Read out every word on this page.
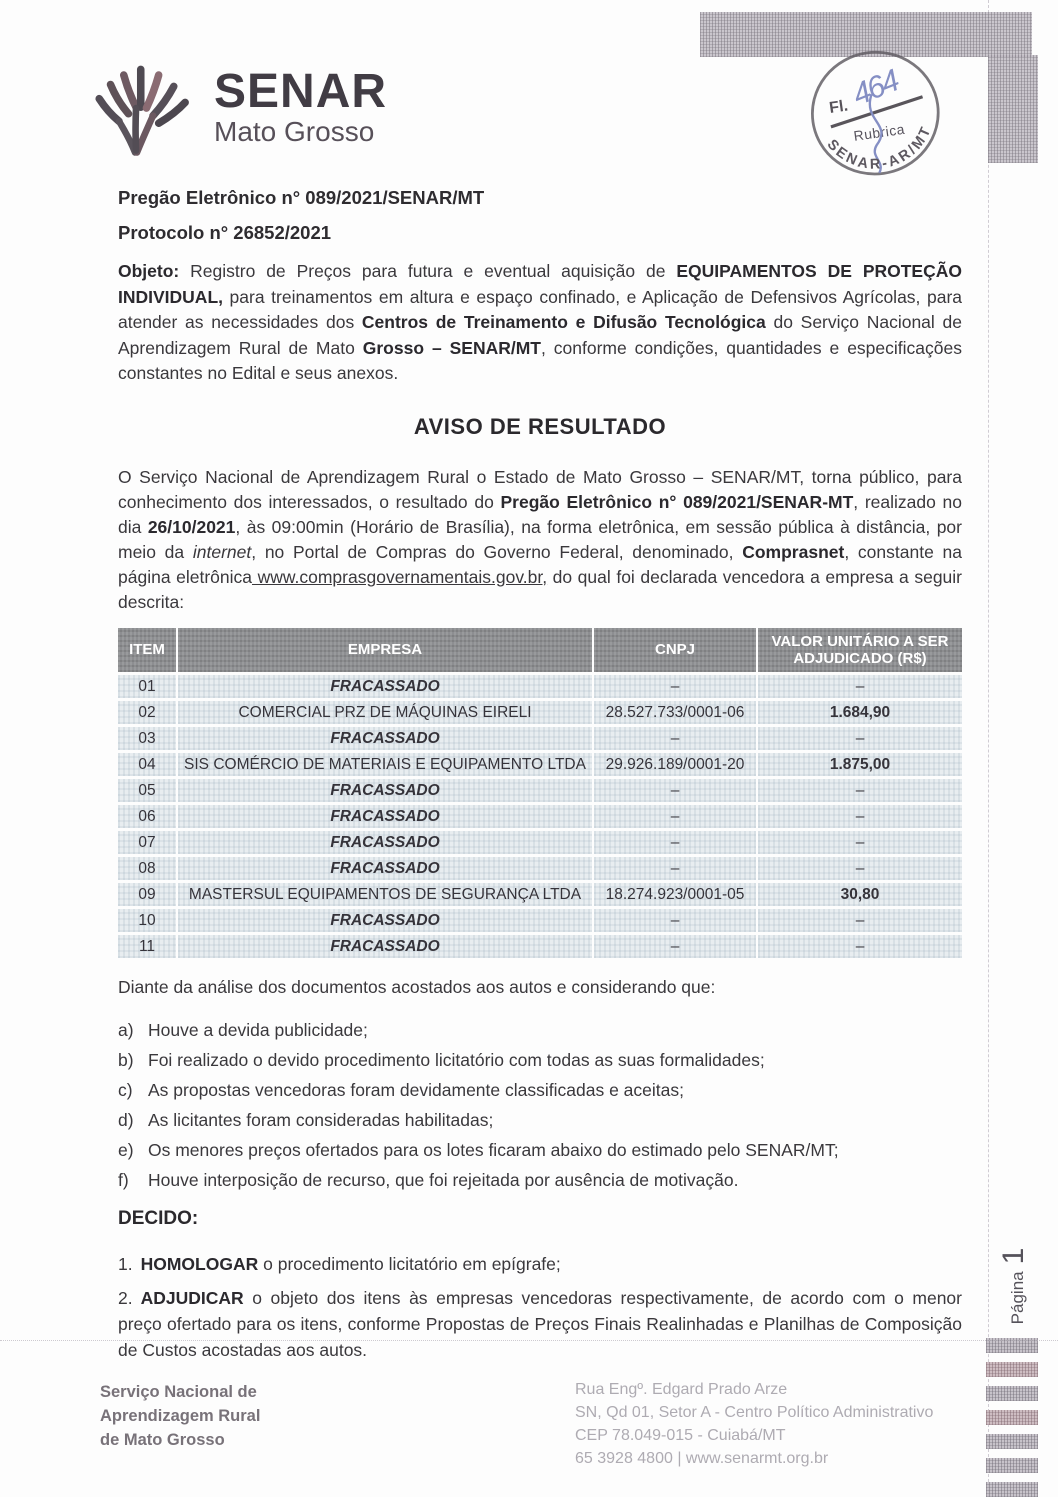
Página
1
SENAR
Mato Grosso
Fl.
464
Rubrica
SENAR-AR/MT

Pregão Eletrônico n° 089/2021/SENAR/MT

Protocolo n° 26852/2021

Objeto: Registro de Preços para futura e eventual aquisição de EQUIPAMENTOS DE PROTEÇÃO INDIVIDUAL, para treinamentos em altura e espaço confinado, e Aplicação de Defensivos Agrícolas, para atender as necessidades dos Centros de Treinamento e Difusão Tecnológica do Serviço Nacional de Aprendizagem Rural de Mato Grosso – SENAR/MT, conforme condições, quantidades e especificações constantes no Edital e seus anexos.

AVISO DE RESULTADO

O Serviço Nacional de Aprendizagem Rural o Estado de Mato Grosso – SENAR/MT, torna público, para conhecimento dos interessados, o resultado do Pregão Eletrônico n° 089/2021/SENAR-MT, realizado no dia 26/10/2021, às 09:00min (Horário de Brasília), na forma eletrônica, em sessão pública à distância, por meio da internet, no Portal de Compras do Governo Federal, denominado, Comprasnet, constante na página eletrônica www.comprasgovernamentais.gov.br, do qual foi declarada vencedora a empresa a seguir descrita:

ITEM	EMPRESA	CNPJ	VALOR UNITÁRIO A SER ADJUDICADO (R$)
01	FRACASSADO	–	–
02	COMERCIAL PRZ DE MÁQUINAS EIRELI	28.527.733/0001-06	1.684,90
03	FRACASSADO	–	–
04	SIS COMÉRCIO DE MATERIAIS E EQUIPAMENTO LTDA	29.926.189/0001-20	1.875,00
05	FRACASSADO	–	–
06	FRACASSADO	–	–
07	FRACASSADO	–	–
08	FRACASSADO	–	–
09	MASTERSUL EQUIPAMENTOS DE SEGURANÇA LTDA	18.274.923/0001-05	30,80
10	FRACASSADO	–	–
11	FRACASSADO	–	–

Diante da análise dos documentos acostados aos autos e considerando que:

a) Houve a devida publicidade;
b) Foi realizado o devido procedimento licitatório com todas as suas formalidades;
c) As propostas vencedoras foram devidamente classificadas e aceitas;
d) As licitantes foram consideradas habilitadas;
e) Os menores preços ofertados para os lotes ficaram abaixo do estimado pelo SENAR/MT;
f)	Houve interposição de recurso, que foi rejeitada por ausência de motivação.

DECIDO:

1. HOMOLOGAR o procedimento licitatório em epígrafe;
2. ADJUDICAR o objeto dos itens às empresas vencedoras respectivamente, de acordo com o menor preço ofertado para os itens, conforme Propostas de Preços Finais Realinhadas e Planilhas de Composição de Custos acostadas aos autos.
Serviço Nacional de
Aprendizagem Rural
de Mato Grosso
Rua Engº. Edgard Prado Arze
SN, Qd 01, Setor A - Centro Político Administrativo
CEP 78.049-015 - Cuiabá/MT
65 3928 4800 | www.senarmt.org.br
